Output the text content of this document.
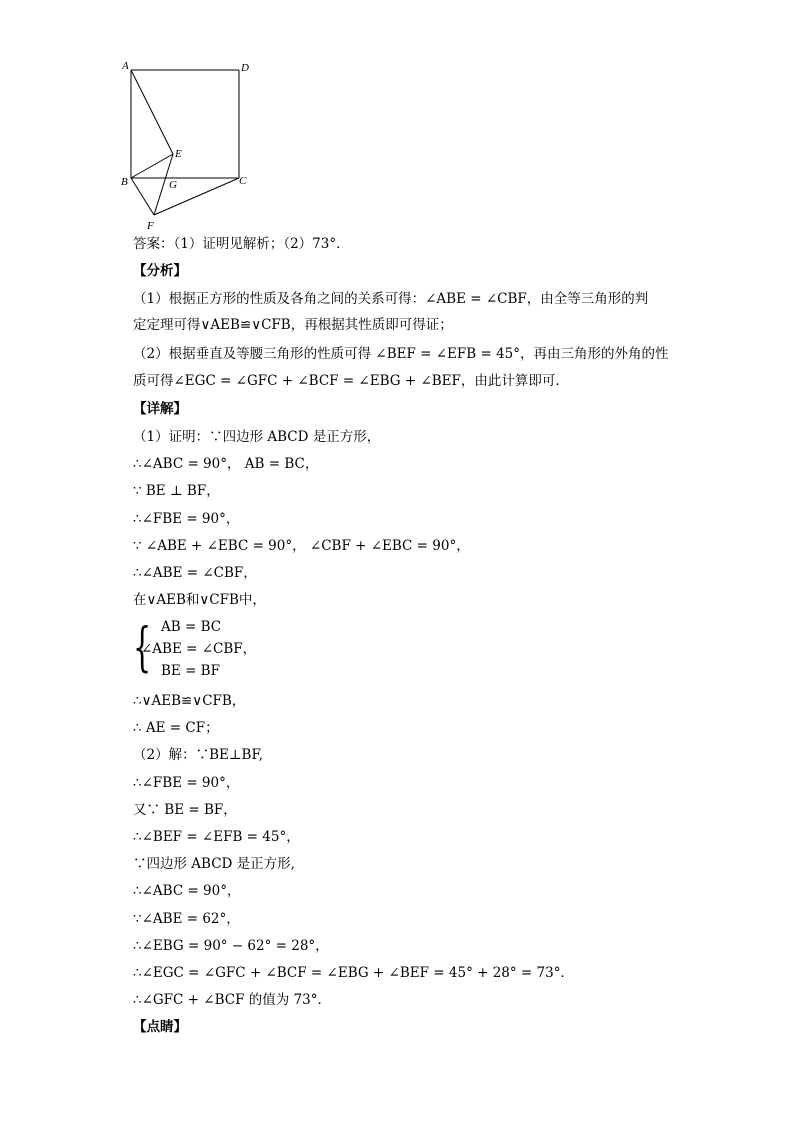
A	D
E
B	G	C
F
答案：（1）证明见解析；（2）73°．
【分析】
（1）根据正方形的性质及各角之间的关系可得：∠ABE = ∠CBF，由全等三角形的判
定定理可得∨AEB≌∨CFB，再根据其性质即可得证；
（2）根据垂直及等腰三角形的性质可得 ∠BEF = ∠EFB = 45°，再由三角形的外角的性
质可得∠EGC = ∠GFC + ∠BCF = ∠EBG + ∠BEF，由此计算即可．
【详解】
（1）证明：∵四边形 ABCD 是正方形，
∴∠ABC = 90°， AB = BC，
∵ BE ⊥ BF，
∴∠FBE = 90°，
∵ ∠ABE + ∠EBC = 90°， ∠CBF + ∠EBC = 90°，
∴∠ABE = ∠CBF，
在∨AEB和∨CFB中，
{ AB = BC
∠ABE = ∠CBF，
BE = BF
∴∨AEB≌∨CFB，
∴ AE = CF；
（2）解：∵BE⊥BF,
∴∠FBE = 90°，
又∵ BE = BF，
∴∠BEF = ∠EFB = 45°，
∵四边形 ABCD 是正方形,
∴∠ABC = 90°，
∵∠ABE = 62°，
∴∠EBG = 90° − 62° = 28°，
∴∠EGC = ∠GFC + ∠BCF = ∠EBG + ∠BEF = 45° + 28° = 73°．
∴∠GFC + ∠BCF 的值为 73°．
【点睛】
